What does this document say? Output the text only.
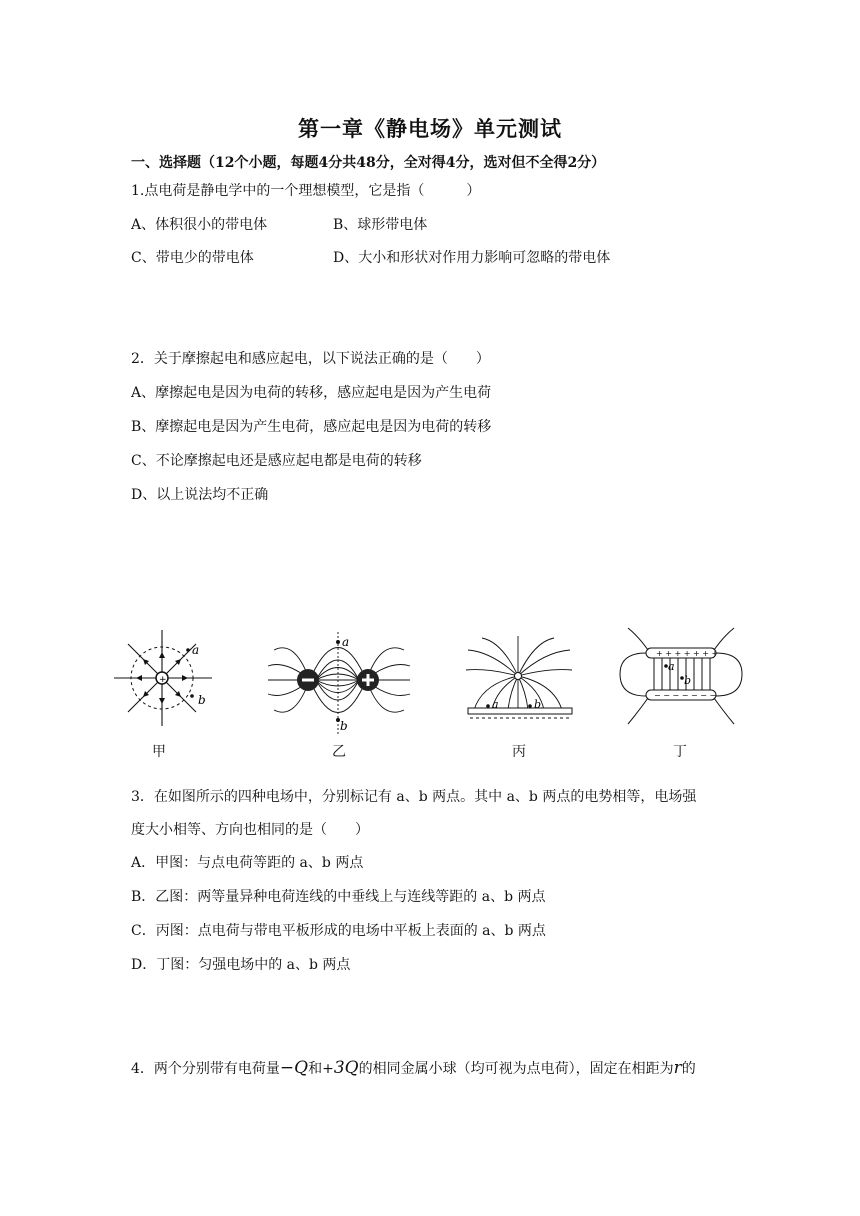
第一章《静电场》单元测试
一、选择题（12个小题，每题4分共48分，全对得4分，选对但不全得2分）
1.点电荷是静电学中的一个理想模型，它是指（　　　）
A、体积很小的带电体	B、球形带电体
C、带电少的带电体	D、大小和形状对作用力影响可忽略的带电体
2．关于摩擦起电和感应起电，以下说法正确的是（　　）
A、摩擦起电是因为电荷的转移，感应起电是因为产生电荷
B、摩擦起电是因为产生电荷，感应起电是因为电荷的转移
C、不论摩擦起电还是感应起电都是电荷的转移
D、以上说法均不正确
+
a
b
甲
a
b
乙
a	b
丙
+ + + + + + +
− − − − − − −
a
b
丁
3．在如图所示的四种电场中，分别标记有 a、b 两点。其中 a、b 两点的电势相等，电场强
度大小相等、方向也相同的是（　　）
A．甲图：与点电荷等距的 a、b 两点
B．乙图：两等量异种电荷连线的中垂线上与连线等距的 a、b 两点
C．丙图：点电荷与带电平板形成的电场中平板上表面的 a、b 两点
D．丁图：匀强电场中的 a、b 两点
4．两个分别带有电荷量−Q和+3Q的相同金属小球（均可视为点电荷），固定在相距为r的
